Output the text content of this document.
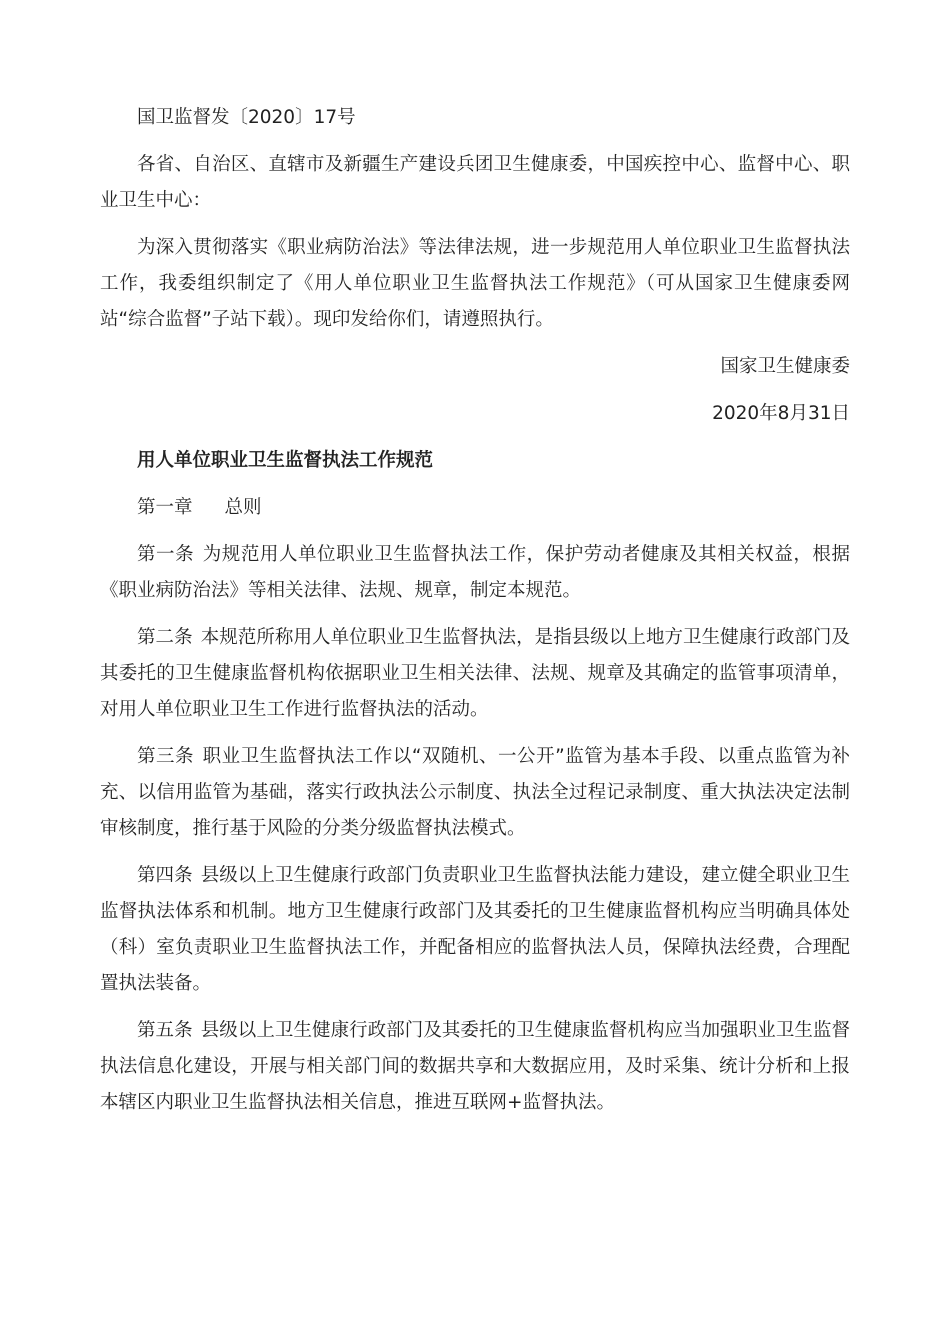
国卫监督发〔2020〕17号

各省、自治区、直辖市及新疆生产建设兵团卫生健康委，中国疾控中心、监督中心、职业卫生中心：

为深入贯彻落实《职业病防治法》等法律法规，进一步规范用人单位职业卫生监督执法工作，我委组织制定了《用人单位职业卫生监督执法工作规范》（可从国家卫生健康委网站“综合监督”子站下载）。现印发给你们，请遵照执行。

国家卫生健康委

2020年8月31日

用人单位职业卫生监督执法工作规范

第一章 总则

第一条 为规范用人单位职业卫生监督执法工作，保护劳动者健康及其相关权益，根据《职业病防治法》等相关法律、法规、规章，制定本规范。

第二条 本规范所称用人单位职业卫生监督执法，是指县级以上地方卫生健康行政部门及其委托的卫生健康监督机构依据职业卫生相关法律、法规、规章及其确定的监管事项清单，对用人单位职业卫生工作进行监督执法的活动。

第三条 职业卫生监督执法工作以“双随机、一公开”监管为基本手段、以重点监管为补充、以信用监管为基础，落实行政执法公示制度、执法全过程记录制度、重大执法决定法制审核制度，推行基于风险的分类分级监督执法模式。

第四条 县级以上卫生健康行政部门负责职业卫生监督执法能力建设，建立健全职业卫生监督执法体系和机制。地方卫生健康行政部门及其委托的卫生健康监督机构应当明确具体处（科）室负责职业卫生监督执法工作，并配备相应的监督执法人员，保障执法经费，合理配置执法装备。

第五条 县级以上卫生健康行政部门及其委托的卫生健康监督机构应当加强职业卫生监督执法信息化建设，开展与相关部门间的数据共享和大数据应用，及时采集、统计分析和上报本辖区内职业卫生监督执法相关信息，推进互联网+监督执法。
